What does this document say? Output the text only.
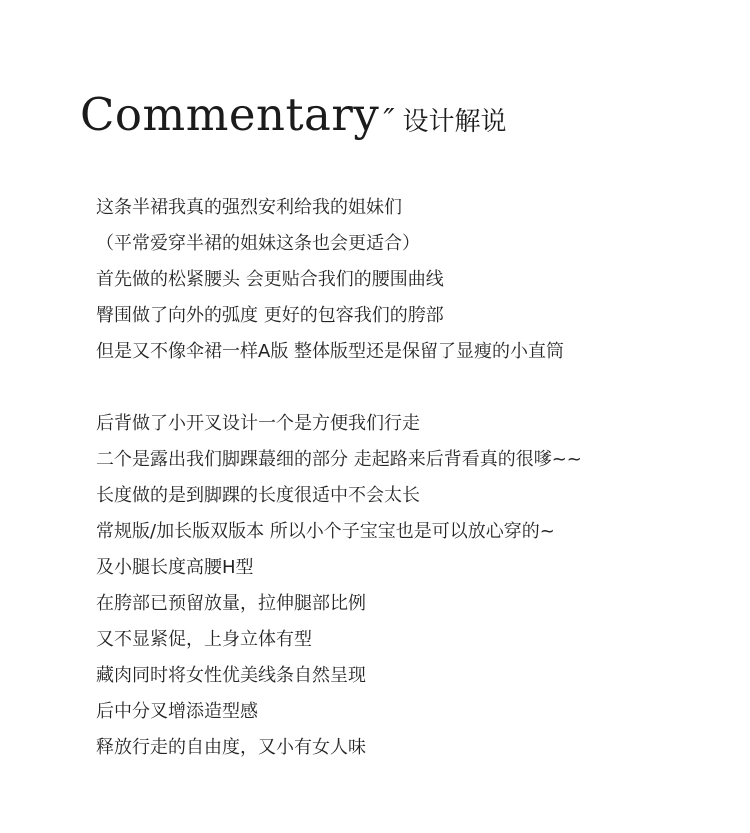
Commentary ″ 设计解说
这条半裙我真的强烈安利给我的姐妹们
（平常爱穿半裙的姐妹这条也会更适合）
首先做的松紧腰头 会更贴合我们的腰围曲线
臀围做了向外的弧度 更好的包容我们的胯部
但是又不像伞裙一样A版 整体版型还是保留了显瘦的小直筒
后背做了小开叉设计一个是方便我们行走
二个是露出我们脚踝蕞细的部分 走起路来后背看真的很嗲~~
长度做的是到脚踝的长度很适中不会太长
常规版/加长版双版本 所以小个子宝宝也是可以放心穿的~
及小腿长度高腰H型
在胯部已预留放量，拉伸腿部比例
又不显紧促，上身立体有型
藏肉同时将女性优美线条自然呈现
后中分叉增添造型感
释放行走的自由度，又小有女人味
